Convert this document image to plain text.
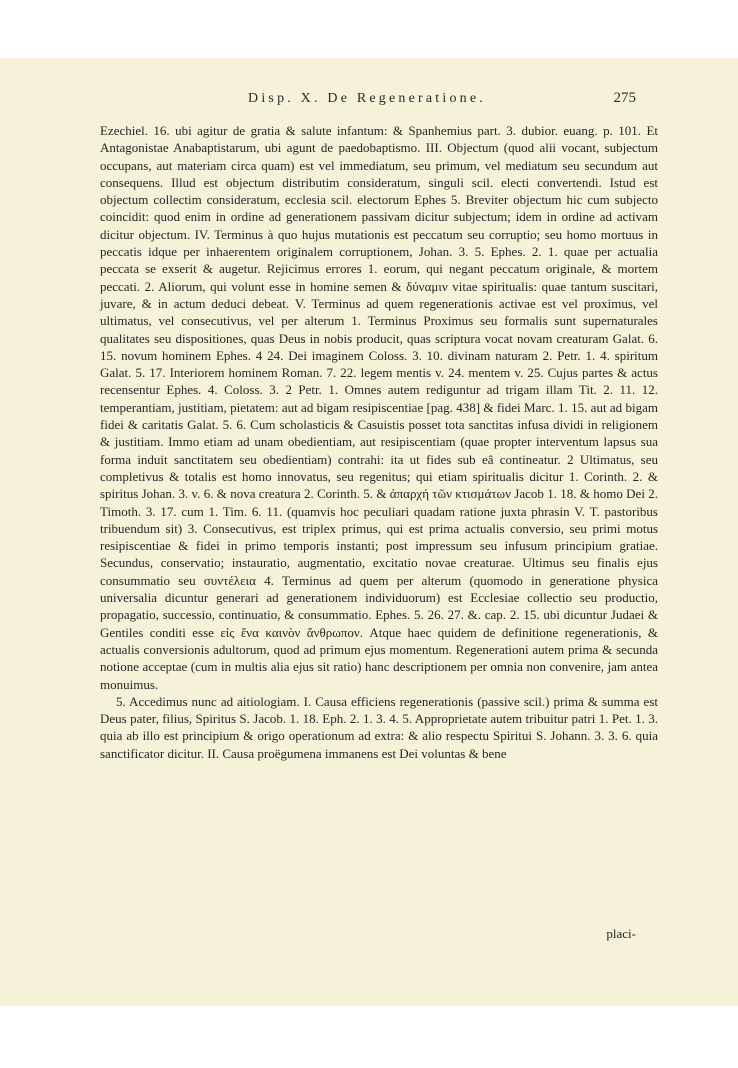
Disp. X. De Regeneratione.	275

Ezechiel. 16. ubi agitur de gratia & salute infantum: & Spanhemius part. 3. dubior. euang. p. 101. Et Antagonistae Anabaptistarum, ubi agunt de paedobaptismo. III. Objectum (quod alii vocant, subjectum occupans, aut materiam circa quam) est vel immediatum, seu primum, vel mediatum seu secundum aut consequens. Illud est objectum distributim consideratum, singuli scil. electi convertendi. Istud est objectum collectim consideratum, ecclesia scil. electorum Ephes 5. Breviter objectum hic cum subjecto coincidit: quod enim in ordine ad generationem passivam dicitur subjectum; idem in ordine ad activam dicitur objectum. IV. Terminus à quo hujus mutationis est peccatum seu corruptio; seu homo mortuus in peccatis idque per inhaerentem originalem corruptionem, Johan. 3. 5. Ephes. 2. 1. quae per actualia peccata se exserit & augetur. Rejicimus errores 1. eorum, qui negant peccatum originale, & mortem peccati. 2. Aliorum, qui volunt esse in homine semen & δύναμιν vitae spiritualis: quae tantum suscitari, juvare, & in actum deduci debeat. V. Terminus ad quem regenerationis activae est vel proximus, vel ultimatus, vel consecutivus, vel per alterum 1. Terminus Proximus seu formalis sunt supernaturales qualitates seu dispositiones, quas Deus in nobis producit, quas scriptura vocat novam creaturam Galat. 6. 15. novum hominem Ephes. 4 24. Dei imaginem Coloss. 3. 10. divinam naturam 2. Petr. 1. 4. spiritum Galat. 5. 17. Interiorem hominem Roman. 7. 22. legem mentis v. 24. mentem v. 25. Cujus partes & actus recensentur Ephes. 4. Coloss. 3. 2 Petr. 1. Omnes autem rediguntur ad trigam illam Tit. 2. 11. 12. temperantiam, justitiam, pietatem: aut ad bigam resipiscentiae [pag. 438] & fidei Marc. 1. 15. aut ad bigam fidei & caritatis Galat. 5. 6. Cum scholasticis & Casuistis posset tota sanctitas infusa dividi in religionem & justitiam. Immo etiam ad unam obedientiam, aut resipiscentiam (quae propter interventum lapsus sua forma induit sanctitatem seu obedientiam) contrahi: ita ut fides sub eâ contineatur. 2 Ultimatus, seu completivus & totalis est homo innovatus, seu regenitus; qui etiam spiritualis dicitur 1. Corinth. 2. & spiritus Johan. 3. v. 6. & nova creatura 2. Corinth. 5. & ἀπαρχή τῶν κτισμάτων Jacob 1. 18. & homo Dei 2. Timoth. 3. 17. cum 1. Tim. 6. 11. (quamvis hoc peculiari quadam ratione juxta phrasin V. T. pastoribus tribuendum sit) 3. Consecutivus, est triplex primus, qui est prima actualis conversio, seu primi motus resipiscentiae & fidei in primo temporis instanti; post impressum seu infusum principium gratiae. Secundus, conservatio; instauratio, augmentatio, excitatio novae creaturae. Ultimus seu finalis ejus consummatio seu συντέλεια 4. Terminus ad quem per alterum (quomodo in generatione physica universalia dicuntur generari ad generationem individuorum) est Ecclesiae collectio seu productio, propagatio, successio, continuatio, & consummatio. Ephes. 5. 26. 27. &. cap. 2. 15. ubi dicuntur Judaei & Gentiles conditi esse εἰς ἕνα καινὸν ἄνθρωπον. Atque haec quidem de definitione regenerationis, & actualis conversionis adultorum, quod ad primum ejus momentum. Regenerationi autem prima & secunda notione acceptae (cum in multis alia ejus sit ratio) hanc descriptionem per omnia non convenire, jam antea monuimus.

5. Accedimus nunc ad aitiologiam. I. Causa efficiens regenerationis (passive scil.) prima & summa est Deus pater, filius, Spiritus S. Jacob. 1. 18. Eph. 2. 1. 3. 4. 5. Approprietate autem tribuitur patri 1. Pet. 1. 3. quia ab illo est principium & origo operationum ad extra: & alio respectu Spiritui S. Johann. 3. 3. 6. quia sanctificator dicitur. II. Causa proëgumena immanens est Dei voluntas & bene

placi-
